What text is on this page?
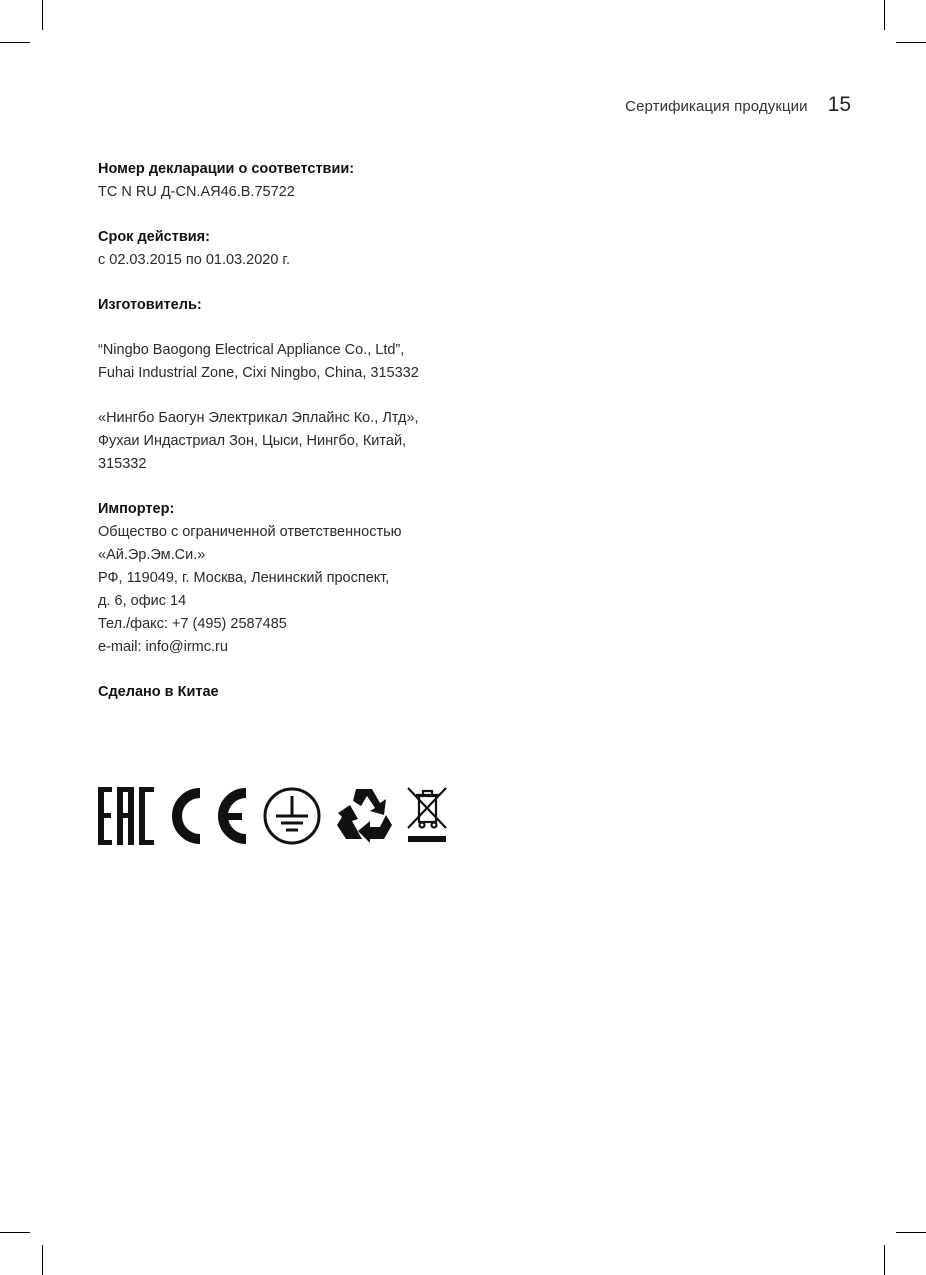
Сертификация продукции 15
Номер декларации о соответствии:
ТС N RU Д-CN.АЯ46.В.75722
Срок действия:
с 02.03.2015 по 01.03.2020 г.
Изготовитель:
“Ningbo Baogong Electrical Appliance Co., Ltd”,
Fuhai Industrial Zone, Cixi Ningbo, China, 315332
«Нингбо Баогун Электрикал Эплайнс Ко., Лтд»,
Фухаи Индастриал Зон, Цыси, Нингбо, Китай,
315332
Импортер:
Общество с ограниченной ответственностью
«Ай.Эр.Эм.Си.»
РФ, 119049, г. Москва, Ленинский проспект,
д. 6, офис 14
Тел./факс: +7 (495) 2587485
e-mail: info@irmc.ru
Сделано в Китае
